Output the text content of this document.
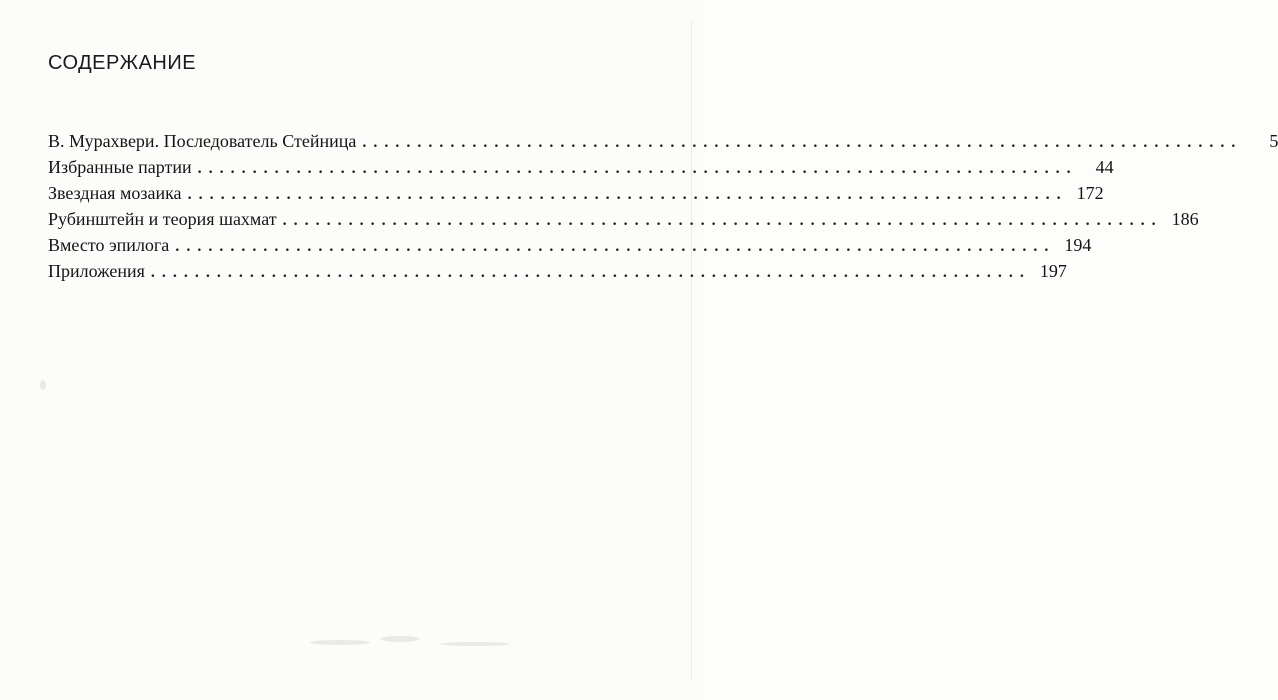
СОДЕРЖАНИЕ
В. Мурахвери. Последователь Стейница ................................................................................	5
Избранные партии ................................................................................	44
Звездная мозаика ................................................................................ 172
Рубинштейн и теория шахмат ................................................................................ 186
Вместо эпилога ................................................................................ 194
Приложения ................................................................................ 197
